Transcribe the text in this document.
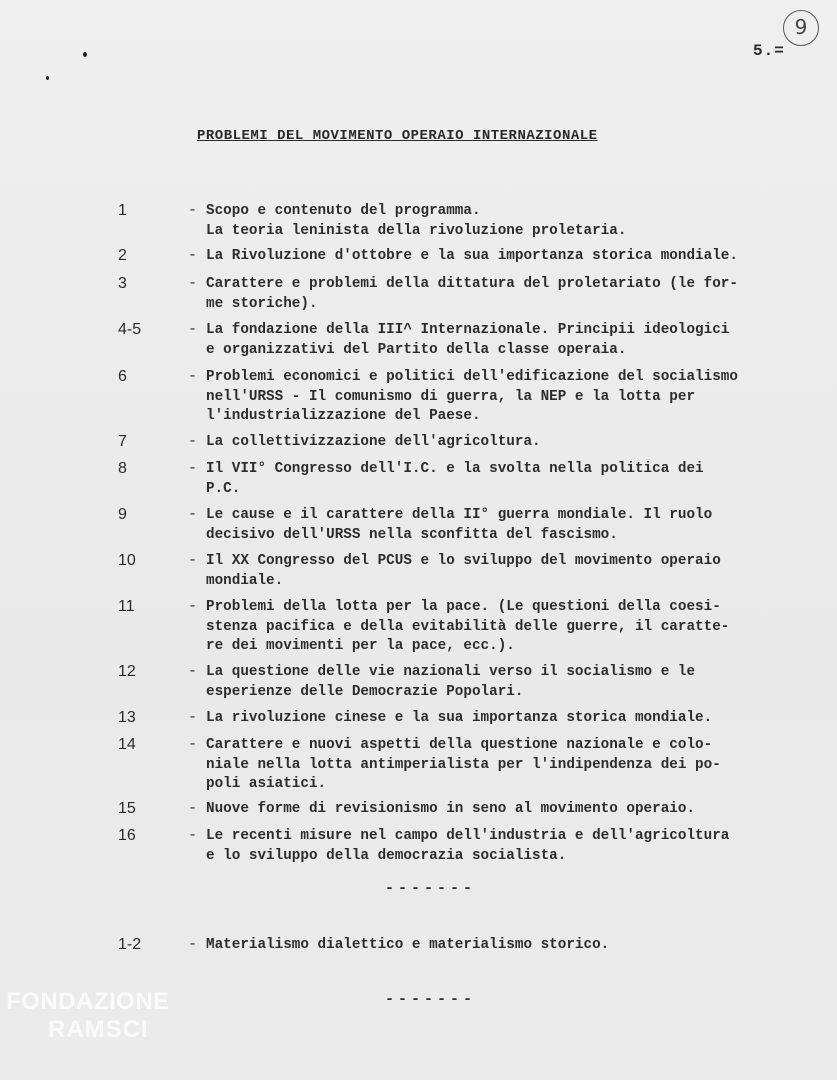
9
5.=
PROBLEMI DEL MOVIMENTO OPERAIO INTERNAZIONALE
1	- Scopo e contenuto del programma.
La teoria leninista della rivoluzione proletaria.
2	- La Rivoluzione d'ottobre e la sua importanza storica mondiale.
3	- Carattere e problemi della dittatura del proletariato (le for-
me storiche).
4-5	- La fondazione della III^ Internazionale. Principii ideologici
e organizzativi del Partito della classe operaia.
6	- Problemi economici e politici dell'edificazione del socialismo
nell'URSS - Il comunismo di guerra, la NEP e la lotta per
l'industrializzazione del Paese.
7	- La collettivizzazione dell'agricoltura.
8	- Il VII° Congresso dell'I.C. e la svolta nella politica dei
P.C.
9	- Le cause e il carattere della II° guerra mondiale. Il ruolo
decisivo dell'URSS nella sconfitta del fascismo.
10	- Il XX Congresso del PCUS e lo sviluppo del movimento operaio
mondiale.
11	- Problemi della lotta per la pace. (Le questioni della coesi-
stenza pacifica e della evitabilità delle guerre, il caratte-
re dei movimenti per la pace, ecc.).
12	- La questione delle vie nazionali verso il socialismo e le
esperienze delle Democrazie Popolari.
13	- La rivoluzione cinese e la sua importanza storica mondiale.
14	- Carattere e nuovi aspetti della questione nazionale e colo-
niale nella lotta antimperialista per l'indipendenza dei po-
poli asiatici.
15	- Nuove forme di revisionismo in seno al movimento operaio.
16	- Le recenti misure nel campo dell'industria e dell'agricoltura
e lo sviluppo della democrazia socialista.
-------
1-2	- Materialismo dialettico e materialismo storico.
-------
FONDAZIONE
RAMSCI
